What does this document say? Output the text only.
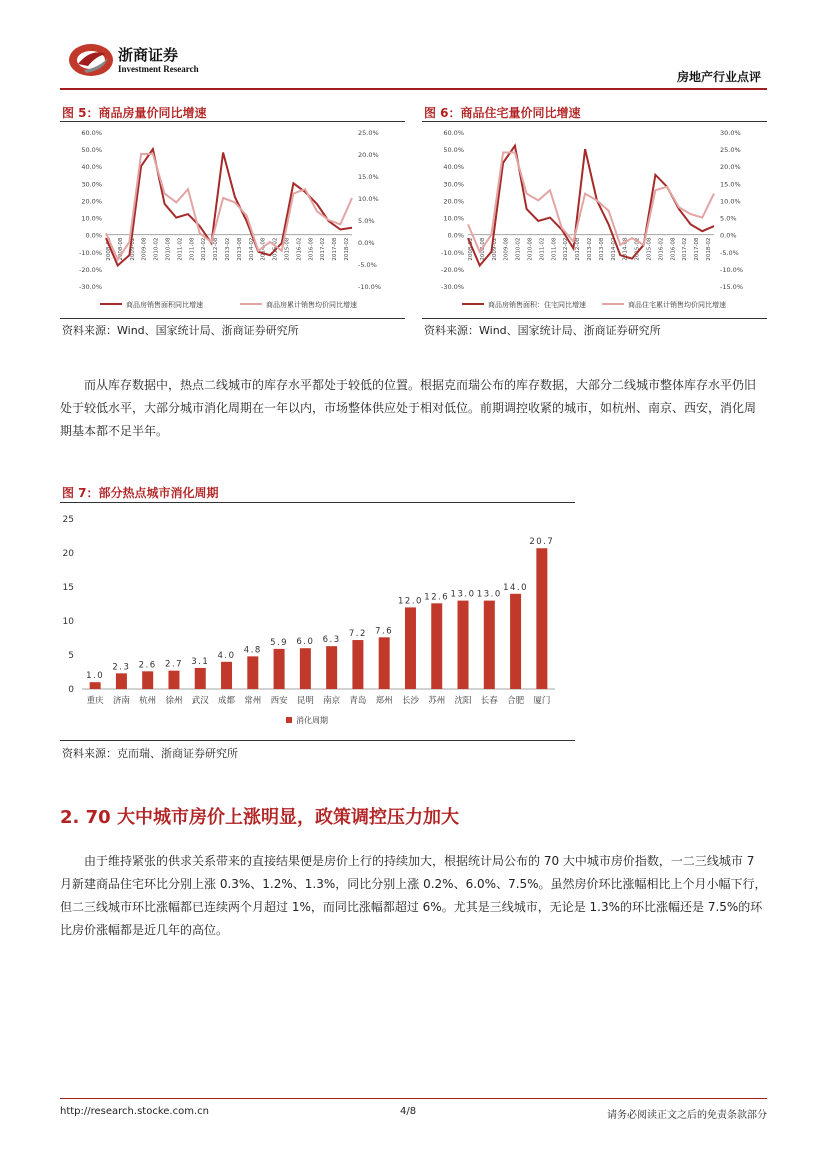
浙商证券
Investment Research
房地产行业点评
图 5：商品房量价同比增速
60.0%
50.0%
40.0%
30.0%
20.0%
10.0%
0.0%
-10.0%
-20.0%
-30.0%
25.0%
20.0%
15.0%
10.0%
5.0%
0.0%
-5.0%
-10.0%
2008-02 2008-08 2009-02 2009-08 2010-02 2010-08 2011-02 2011-08 2012-02 2012-08 2013-02 2013-08 2014-02 2014-08 2015-02 2015-08 2016-02 2016-08 2017-02 2017-08 2018-02
商品房销售面积同比增速	商品房累计销售均价同比增速
资料来源：Wind、国家统计局、浙商证券研究所
图 6：商品住宅量价同比增速
60.0%
50.0%
40.0%
30.0%
20.0%
10.0%
0.0%
-10.0%
-20.0%
-30.0%
30.0%
25.0%
20.0%
15.0%
10.0%
5.0%
0.0%
-5.0%
-10.0%
-15.0%
2008-02 2008-08 2009-02 2009-08 2010-02 2010-08 2011-02 2011-08 2012-02 2012-08 2013-02 2013-08 2014-02 2014-08 2015-02 2015-08 2016-02 2016-08 2017-02 2017-08 2018-02
商品房销售面积：住宅同比增速	商品住宅累计销售均价同比增速
资料来源：Wind、国家统计局、浙商证券研究所
而从库存数据中，热点二线城市的库存水平都处于较低的位置。根据克而瑞公布的库存数据，大部分二线城市整体库存水平仍旧处于较低水平，大部分城市消化周期在一年以内，市场整体供应处于相对低位。前期调控收紧的城市，如杭州、南京、西安，消化周期基本都不足半年。
图 7：部分热点城市消化周期
0
5
10
15
20
25
1.0
重庆
2.3
济南
2.6
杭州
2.7
徐州
3.1
武汉
4.0
成都
4.8
常州
5.9
西安
6.0
昆明
6.3
南京
7.2
青岛
7.6
郑州
12.0
长沙
12.6
苏州
13.0
沈阳
13.0
长春
14.0
合肥
20.7
厦门
消化周期
资料来源：克而瑞、浙商证券研究所
2. 70 大中城市房价上涨明显，政策调控压力加大
由于维持紧张的供求关系带来的直接结果便是房价上行的持续加大，根据统计局公布的 70 大中城市房价指数，一二三线城市 7 月新建商品住宅环比分别上涨 0.3%、1.2%、1.3%，同比分别上涨 0.2%、6.0%、7.5%。虽然房价环比涨幅相比上个月小幅下行，但二三线城市环比涨幅都已连续两个月超过 1%，而同比涨幅都超过 6%。尤其是三线城市，无论是 1.3%的环比涨幅还是 7.5%的环比房价涨幅都是近几年的高位。
http://research.stocke.com.cn	4/8	请务必阅读正文之后的免责条款部分
